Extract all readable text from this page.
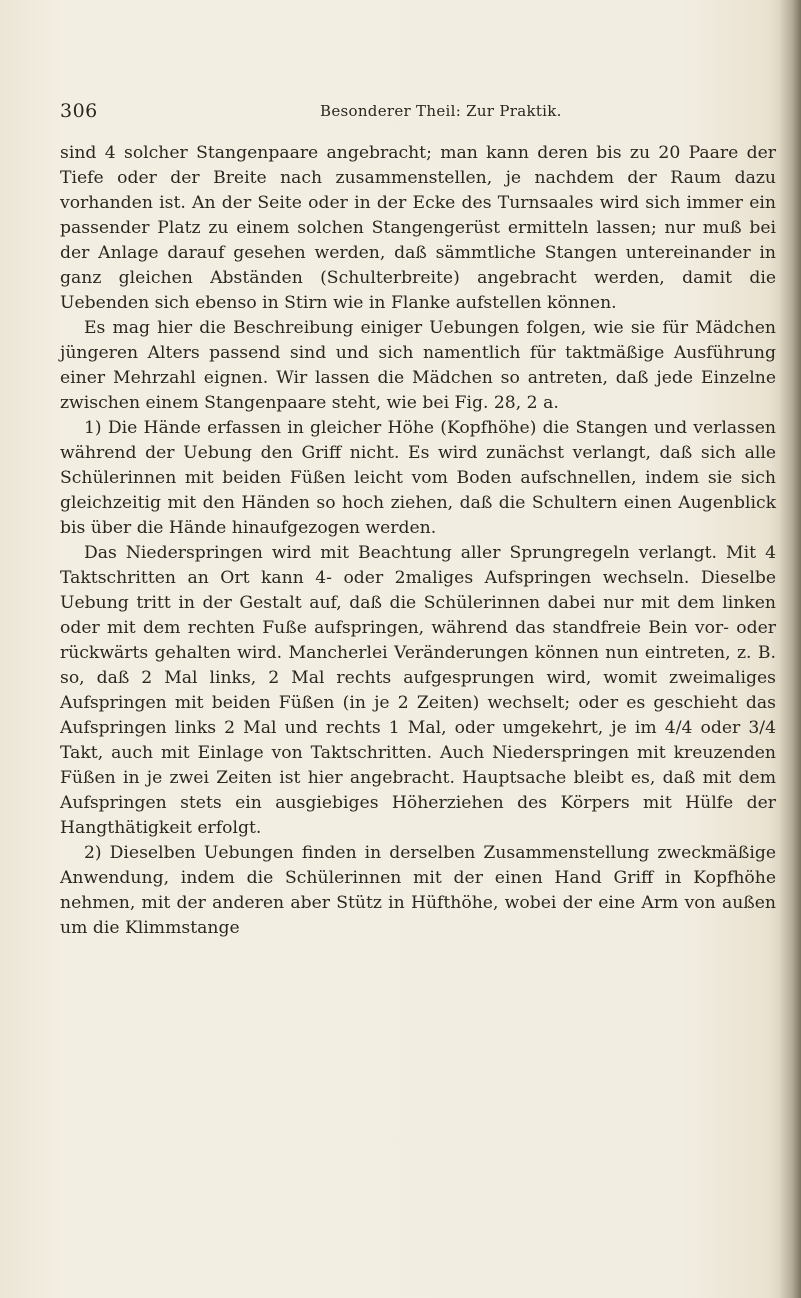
306	Besonderer Theil: Zur Praktik.

sind 4 solcher Stangenpaare angebracht; man kann deren bis zu 20 Paare der Tiefe oder der Breite nach zusammenstellen, je nachdem der Raum dazu vorhanden ist. An der Seite oder in der Ecke des Turnsaales wird sich immer ein passender Platz zu einem solchen Stangengerüst ermitteln lassen; nur muß bei der Anlage darauf gesehen werden, daß sämmtliche Stangen untereinander in ganz gleichen Abständen (Schulterbreite) angebracht werden, damit die Uebenden sich ebenso in Stirn wie in Flanke aufstellen können.

Es mag hier die Beschreibung einiger Uebungen folgen, wie sie für Mädchen jüngeren Alters passend sind und sich namentlich für taktmäßige Ausführung einer Mehrzahl eignen. Wir lassen die Mädchen so antreten, daß jede Einzelne zwischen einem Stangenpaare steht, wie bei Fig. 28, 2 a.

1) Die Hände erfassen in gleicher Höhe (Kopfhöhe) die Stangen und verlassen während der Uebung den Griff nicht. Es wird zunächst verlangt, daß sich alle Schülerinnen mit beiden Füßen leicht vom Boden aufschnellen, indem sie sich gleichzeitig mit den Händen so hoch ziehen, daß die Schultern einen Augenblick bis über die Hände hinaufgezogen werden.

Das Niederspringen wird mit Beachtung aller Sprungregeln verlangt. Mit 4 Taktschritten an Ort kann 4- oder 2maliges Aufspringen wechseln. Dieselbe Uebung tritt in der Gestalt auf, daß die Schülerinnen dabei nur mit dem linken oder mit dem rechten Fuße aufspringen, während das standfreie Bein vor- oder rückwärts gehalten wird. Mancherlei Veränderungen können nun eintreten, z. B. so, daß 2 Mal links, 2 Mal rechts aufgesprungen wird, womit zweimaliges Aufspringen mit beiden Füßen (in je 2 Zeiten) wechselt; oder es geschieht das Aufspringen links 2 Mal und rechts 1 Mal, oder umgekehrt, je im 4/4 oder 3/4 Takt, auch mit Einlage von Taktschritten. Auch Niederspringen mit kreuzenden Füßen in je zwei Zeiten ist hier angebracht. Hauptsache bleibt es, daß mit dem Aufspringen stets ein ausgiebiges Höherziehen des Körpers mit Hülfe der Hangthätigkeit erfolgt.

2) Dieselben Uebungen finden in derselben Zusammenstellung zweckmäßige Anwendung, indem die Schülerinnen mit der einen Hand Griff in Kopfhöhe nehmen, mit der anderen aber Stütz in Hüfthöhe, wobei der eine Arm von außen um die Klimmstange
